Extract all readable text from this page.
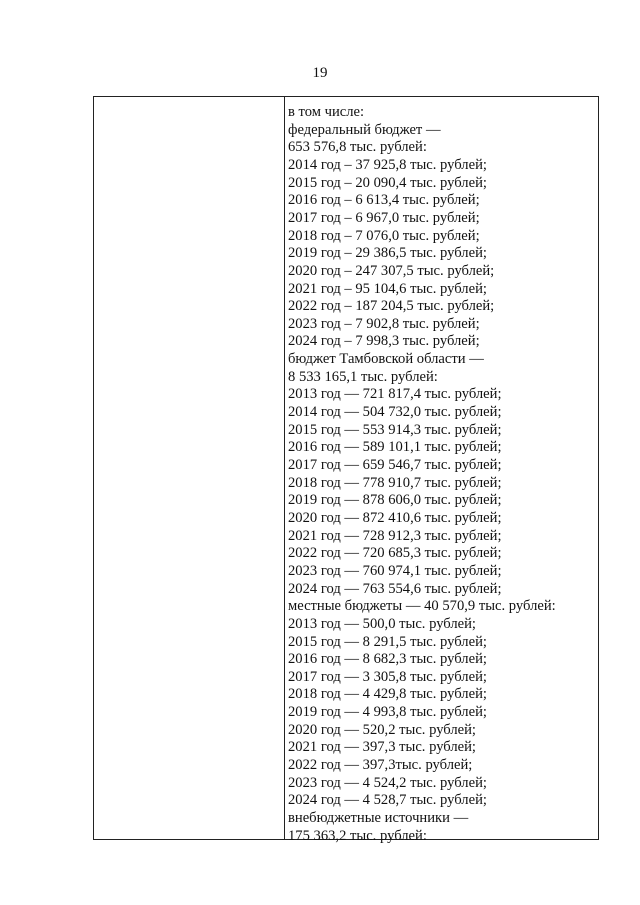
19
в том числе:
федеральный бюджет —
653 576,8 тыс. рублей:
2014 год – 37 925,8 тыс. рублей;
2015 год – 20 090,4 тыс. рублей;
2016 год – 6 613,4 тыс. рублей;
2017 год – 6 967,0 тыс. рублей;
2018 год – 7 076,0 тыс. рублей;
2019 год – 29 386,5 тыс. рублей;
2020 год – 247 307,5 тыс. рублей;
2021 год – 95 104,6 тыс. рублей;
2022 год – 187 204,5 тыс. рублей;
2023 год – 7 902,8 тыс. рублей;
2024 год – 7 998,3 тыс. рублей;
бюджет Тамбовской области —
8 533 165,1 тыс. рублей:
2013 год — 721 817,4 тыс. рублей;
2014 год — 504 732,0 тыс. рублей;
2015 год — 553 914,3 тыс. рублей;
2016 год — 589 101,1 тыс. рублей;
2017 год — 659 546,7 тыс. рублей;
2018 год — 778 910,7 тыс. рублей;
2019 год — 878 606,0 тыс. рублей;
2020 год — 872 410,6 тыс. рублей;
2021 год — 728 912,3 тыс. рублей;
2022 год — 720 685,3 тыс. рублей;
2023 год — 760 974,1 тыс. рублей;
2024 год — 763 554,6 тыс. рублей;
местные бюджеты — 40 570,9 тыс. рублей:
2013 год — 500,0 тыс. рублей;
2015 год — 8 291,5 тыс. рублей;
2016 год — 8 682,3 тыс. рублей;
2017 год — 3 305,8 тыс. рублей;
2018 год — 4 429,8 тыс. рублей;
2019 год — 4 993,8 тыс. рублей;
2020 год — 520,2 тыс. рублей;
2021 год — 397,3 тыс. рублей;
2022 год — 397,3тыс. рублей;
2023 год — 4 524,2 тыс. рублей;
2024 год — 4 528,7 тыс. рублей;
внебюджетные источники —
175 363,2 тыс. рублей:
